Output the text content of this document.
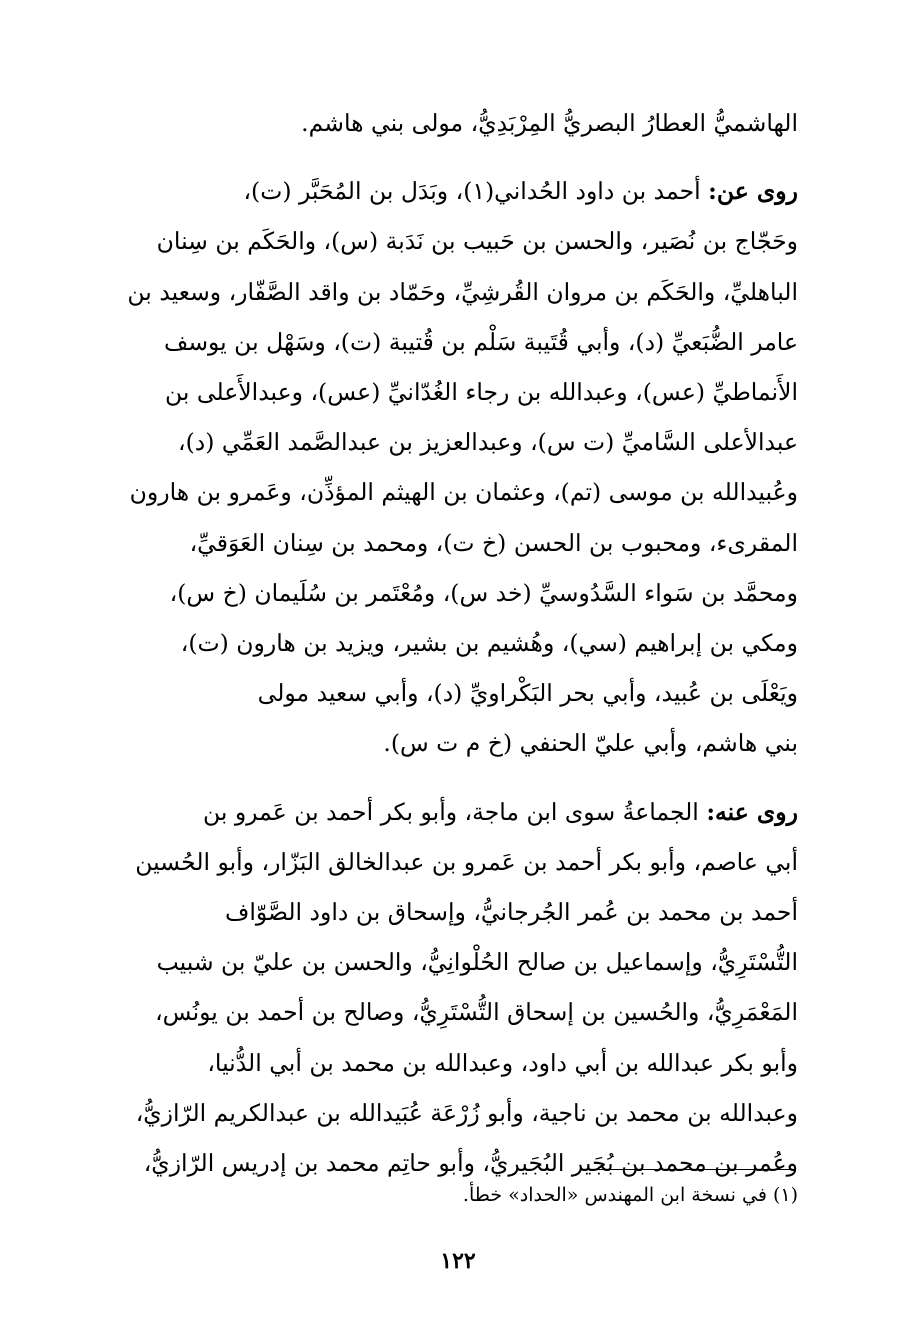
الهاشميُّ العطارُ البصريُّ المِرْبَدِيُّ، مولى بني هاشم.
روى عن: أحمد بن داود الحُداني(١)، وبَدَل بن المُحَبَّر (ت)،
وحَجّاج بن نُصَير، والحسن بن حَبيب بن نَدَبة (س)، والحَكَم بن سِنان
الباهليِّ، والحَكَم بن مروان القُرشِيِّ، وحَمّاد بن واقد الصَّفّار، وسعيد بن
عامر الضُّبَعيِّ (د)، وأبي قُتَيبة سَلْم بن قُتيبة (ت)، وسَهْل بن يوسف
الأَنماطيِّ (عس)، وعبدالله بن رجاء الغُدّانيِّ (عس)، وعبدالأَعلى بن
عبدالأعلى السَّاميِّ (ت س)، وعبدالعزيز بن عبدالصَّمد العَمِّي (د)،
وعُبيدالله بن موسى (تم)، وعثمان بن الهيثم المؤذِّن، وعَمرو بن هارون
المقرىء، ومحبوب بن الحسن (خ ت)، ومحمد بن سِنان العَوَقيِّ،
ومحمَّد بن سَواء السَّدُوسيِّ (خد س)، ومُعْتَمر بن سُلَيمان (خ س)،
ومكي بن إبراهيم (سي)، وهُشيم بن بشير، ويزيد بن هارون (ت)،
ويَعْلَى بن عُبيد، وأبي بحر البَكْراويِّ (د)، وأبي سعيد مولى
بني هاشم، وأبي عليّ الحنفي (خ م ت س).
روى عنه: الجماعةُ سوى ابن ماجة، وأبو بكر أحمد بن عَمرو بن
أبي عاصم، وأبو بكر أحمد بن عَمرو بن عبدالخالق البَزّار، وأبو الحُسين
أحمد بن محمد بن عُمر الجُرجانيُّ، وإسحاق بن داود الصَّوّاف
التُّسْتَرِيُّ، وإسماعيل بن صالح الحُلْوانِيُّ، والحسن بن عليّ بن شبيب
المَعْمَرِيُّ، والحُسين بن إسحاق التُّسْتَرِيُّ، وصالح بن أحمد بن يونُس،
وأبو بكر عبدالله بن أبي داود، وعبدالله بن محمد بن أبي الدُّنيا،
وعبدالله بن محمد بن ناجية، وأبو زُرْعَة عُبَيدالله بن عبدالكريم الرّازيُّ،
وعُمر بن محمد بن بُجَير البُجَيريُّ، وأبو حاتِم محمد بن إدريس الرّازيُّ،
(١) في نسخة ابن المهندس «الحداد» خطأ.
١٢٢
